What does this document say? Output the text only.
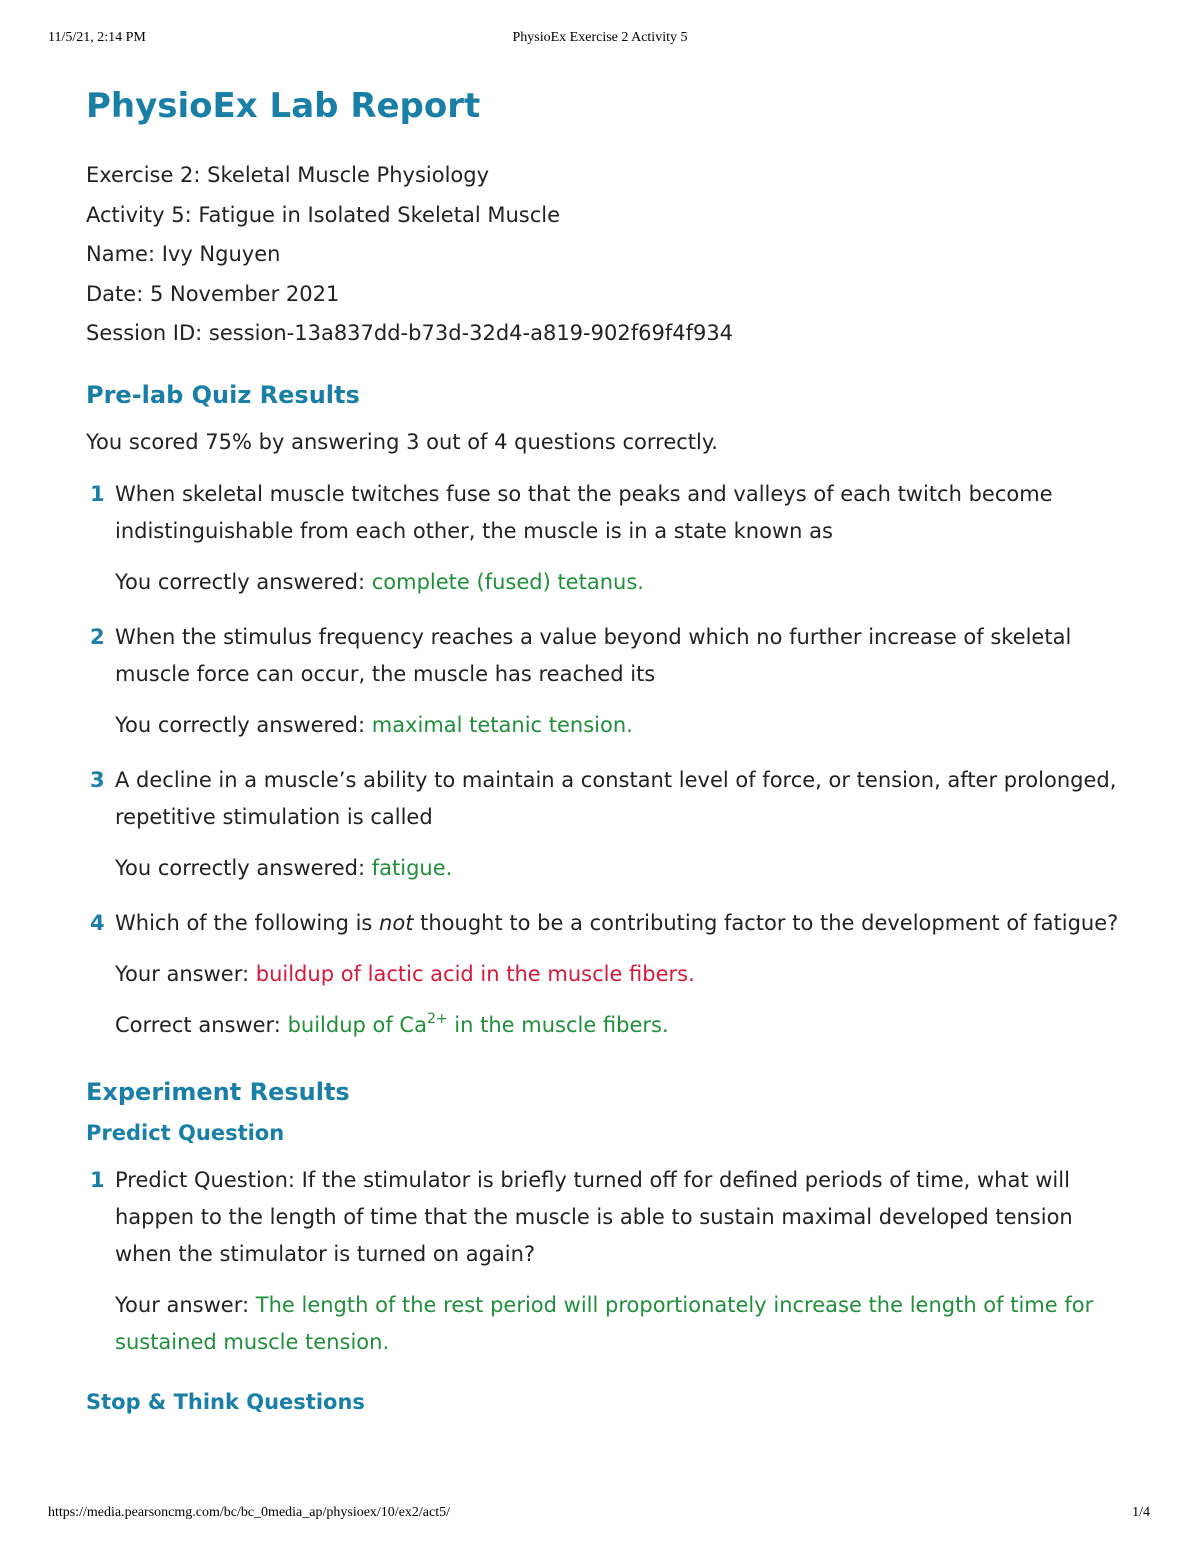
11/5/21, 2:14 PM	PhysioEx Exercise 2 Activity 5
PhysioEx Lab Report
Exercise 2: Skeletal Muscle Physiology
Activity 5: Fatigue in Isolated Skeletal Muscle
Name: Ivy Nguyen
Date: 5 November 2021
Session ID: session-13a837dd-b73d-32d4-a819-902f69f4f934
Pre-lab Quiz Results
You scored 75% by answering 3 out of 4 questions correctly.
1 When skeletal muscle twitches fuse so that the peaks and valleys of each twitch become indistinguishable from each other, the muscle is in a state known as
You correctly answered: complete (fused) tetanus.
2 When the stimulus frequency reaches a value beyond which no further increase of skeletal muscle force can occur, the muscle has reached its
You correctly answered: maximal tetanic tension.
3 A decline in a muscle’s ability to maintain a constant level of force, or tension, after prolonged, repetitive stimulation is called
You correctly answered: fatigue.
4 Which of the following is not thought to be a contributing factor to the development of fatigue?
Your answer: buildup of lactic acid in the muscle fibers.
Correct answer: buildup of $Ca^{2+}$ in the muscle fibers.
Experiment Results
Predict Question
1 Predict Question: If the stimulator is briefly turned off for defined periods of time, what will happen to the length of time that the muscle is able to sustain maximal developed tension when the stimulator is turned on again?
Your answer: The length of the rest period will proportionately increase the length of time for sustained muscle tension.
Stop & Think Questions
https://media.pearsoncmg.com/bc/bc_0media_ap/physioex/10/ex2/act5/	1/4
